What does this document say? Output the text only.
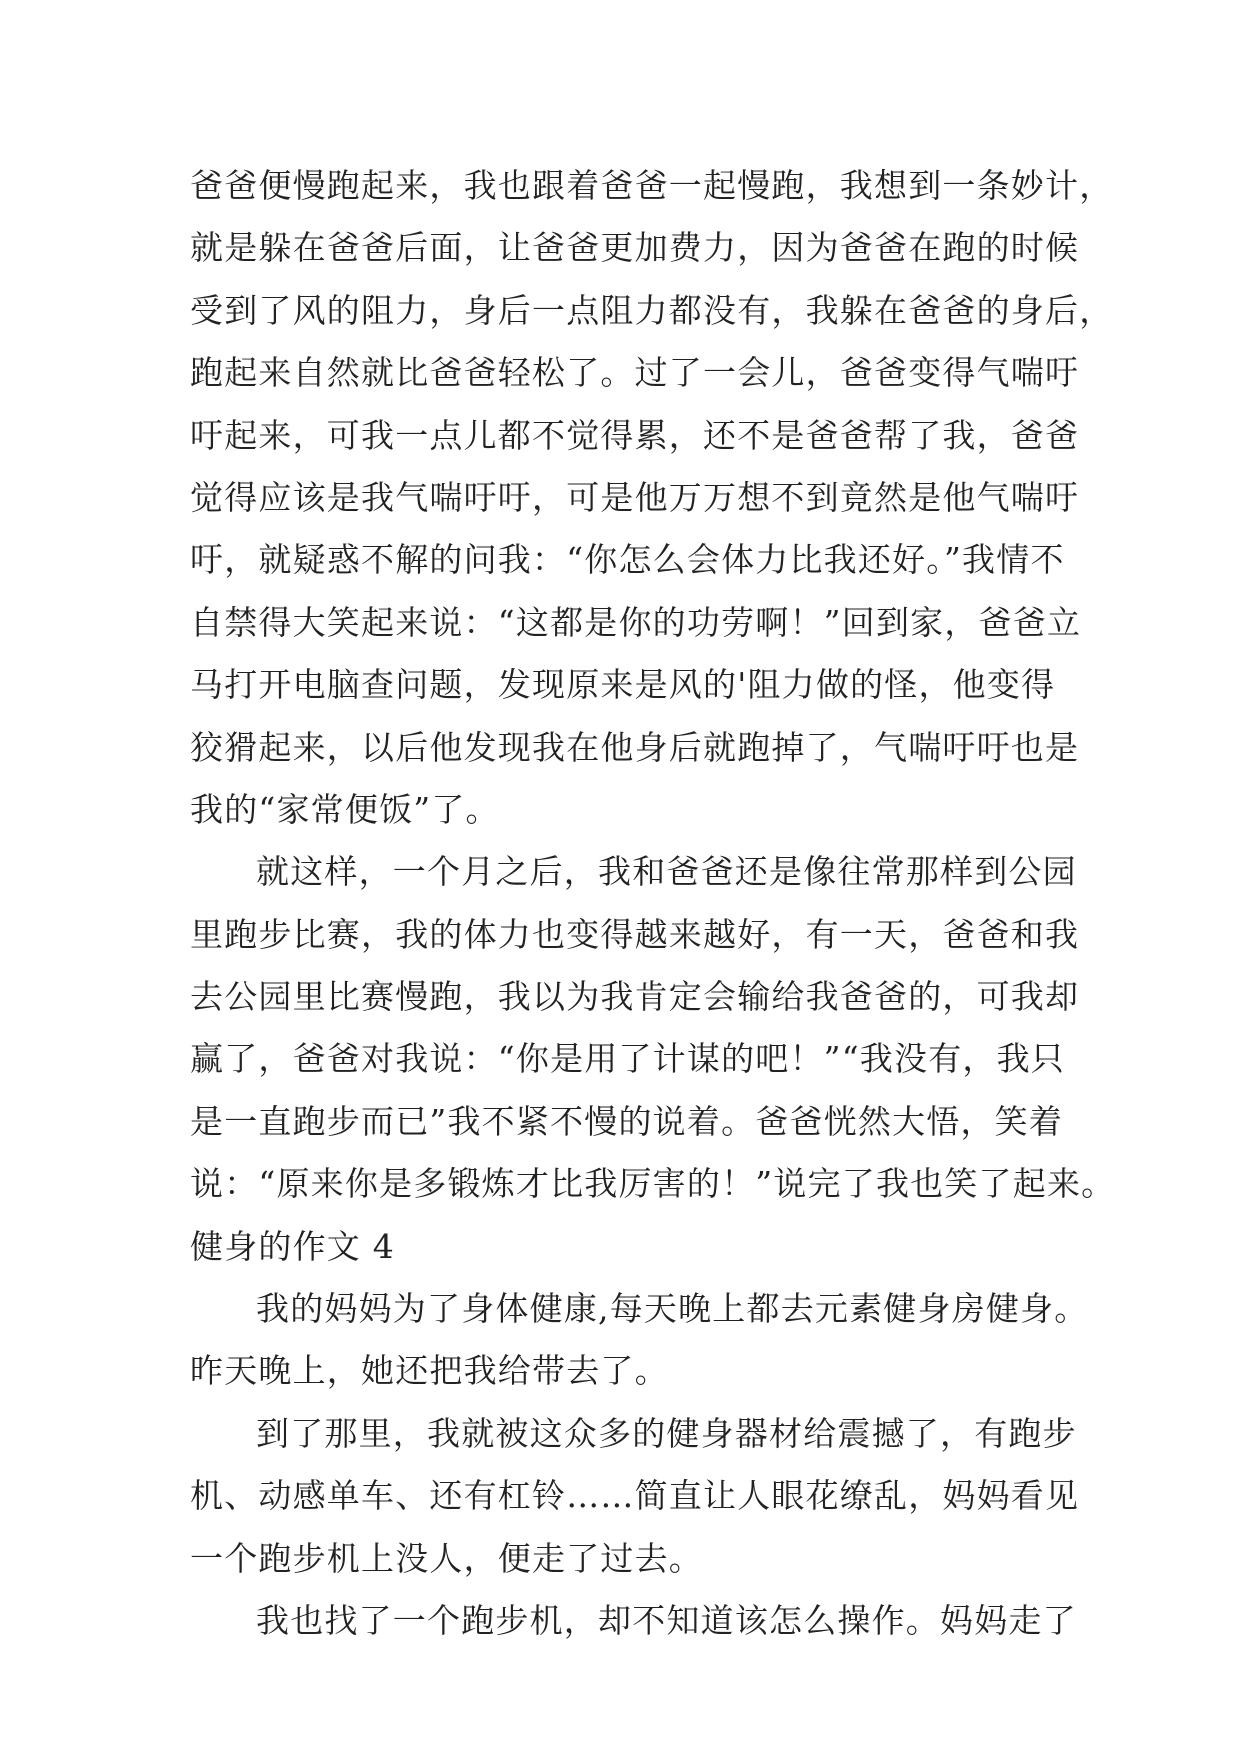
爸爸便慢跑起来，我也跟着爸爸一起慢跑，我想到一条妙计，
就是躲在爸爸后面，让爸爸更加费力，因为爸爸在跑的时候
受到了风的阻力，身后一点阻力都没有，我躲在爸爸的身后，
跑起来自然就比爸爸轻松了。过了一会儿，爸爸变得气喘吁
吁起来，可我一点儿都不觉得累，还不是爸爸帮了我，爸爸
觉得应该是我气喘吁吁，可是他万万想不到竟然是他气喘吁
吁，就疑惑不解的问我：“你怎么会体力比我还好。”我情不
自禁得大笑起来说：“这都是你的功劳啊！”回到家，爸爸立
马打开电脑查问题，发现原来是风的'阻力做的怪，他变得
狡猾起来，以后他发现我在他身后就跑掉了，气喘吁吁也是
我的“家常便饭”了。
就这样，一个月之后，我和爸爸还是像往常那样到公园
里跑步比赛，我的体力也变得越来越好，有一天，爸爸和我
去公园里比赛慢跑，我以为我肯定会输给我爸爸的，可我却
赢了，爸爸对我说：“你是用了计谋的吧！”“我没有，我只
是一直跑步而已”我不紧不慢的说着。爸爸恍然大悟，笑着
说：“原来你是多锻炼才比我厉害的！”说完了我也笑了起来。
健身的作文 4
我的妈妈为了身体健康,每天晚上都去元素健身房健身。
昨天晚上，她还把我给带去了。
到了那里，我就被这众多的健身器材给震撼了，有跑步
机、动感单车、还有杠铃……简直让人眼花缭乱，妈妈看见
一个跑步机上没人，便走了过去。
我也找了一个跑步机，却不知道该怎么操作。妈妈走了
